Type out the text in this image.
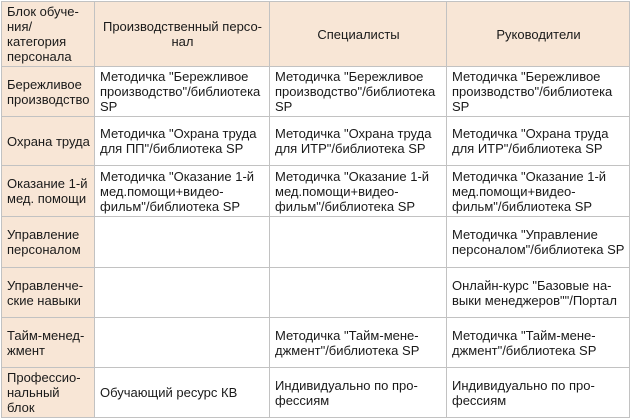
Блок обуче-ния/категория персонала	Производственный персо-нал	Специалисты	Руководители
Бережливое производство	Методичка "Бережливое производство"/библиотека SP	Методичка "Бережливое производство"/библиотека SP	Методичка "Бережливое производство"/библиотека SP
Охрана труда	Методичка "Охрана труда для ПП"/библиотека SP	Методичка "Охрана труда для ИТР"/библиотека SP	Методичка "Охрана труда для ИТР"/библиотека SP
Оказание 1-й мед. помощи	Методичка "Оказание 1-й мед.помощи+видео-фильм"/библиотека SP	Методичка "Оказание 1-й мед.помощи+видео-фильм"/библиотека SP	Методичка "Оказание 1-й мед.помощи+видео-фильм"/библиотека SP
Управление персоналом			Методичка "Управление персоналом"/библиотека SP
Управленче-ские навыки			Онлайн-курс "Базовые на-выки менеджеров""/Портал
Тайм-менед-жмент		Методичка "Тайм-мене-джмент"/библиотека SP	Методичка "Тайм-мене-джмент"/библиотека SP
Профессио-нальный блок	Обучающий ресурс КВ	Индивидуально по про-фессиям	Индивидуально по про-фессиям
